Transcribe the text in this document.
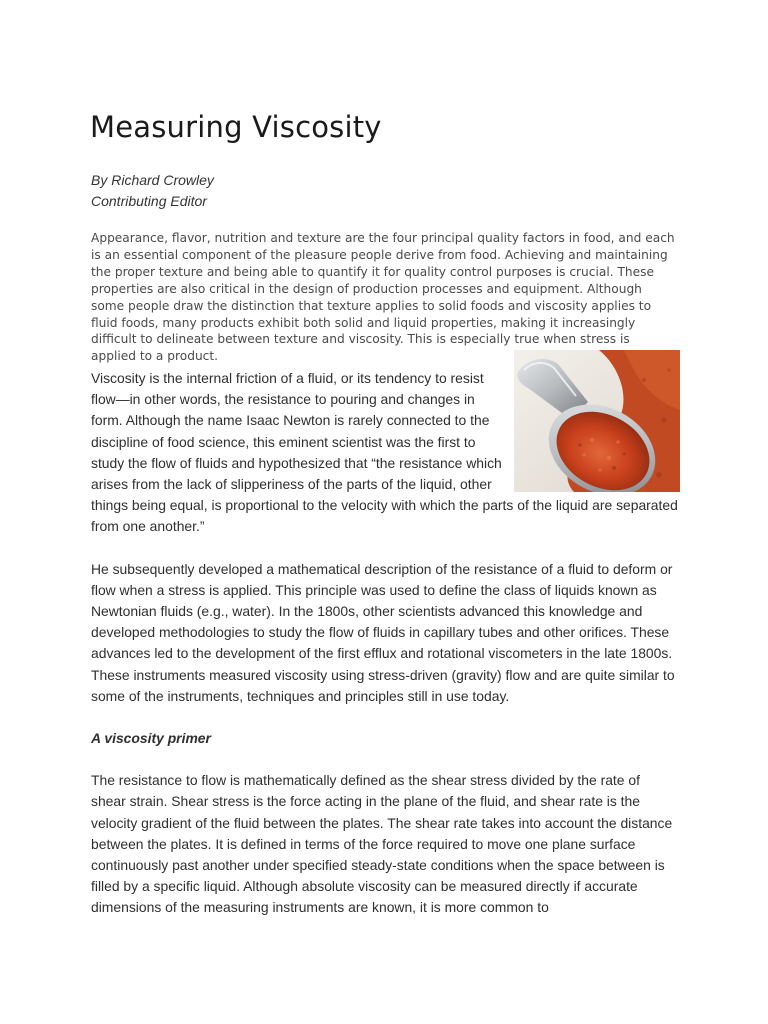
Measuring Viscosity
By Richard Crowley
Contributing Editor

Appearance, flavor, nutrition and texture are the four principal quality factors in food, and each is an essential component of the pleasure people derive from food. Achieving and maintaining the proper texture and being able to quantify it for quality control purposes is crucial. These properties are also critical in the design of production processes and equipment. Although some people draw the distinction that texture applies to solid foods and viscosity applies to fluid foods, many products exhibit both solid and liquid properties, making it increasingly difficult to delineate between texture and viscosity. This is especially true when stress is applied to a product.

Viscosity is the internal friction of a fluid, or its tendency to resist flow—in other words, the resistance to pouring and changes in form. Although the name Isaac Newton is rarely connected to the discipline of food science, this eminent scientist was the first to study the flow of fluids and hypothesized that “the resistance which arises from the lack of slipperiness of the parts of the liquid, other things being equal, is proportional to the velocity with which the parts of the liquid are separated from one another.”

He subsequently developed a mathematical description of the resistance of a fluid to deform or flow when a stress is applied. This principle was used to define the class of liquids known as Newtonian fluids (e.g., water). In the 1800s, other scientists advanced this knowledge and developed methodologies to study the flow of fluids in capillary tubes and other orifices. These advances led to the development of the first efflux and rotational viscometers in the late 1800s. These instruments measured viscosity using stress-driven (gravity) flow and are quite similar to some of the instruments, techniques and principles still in use today.

A viscosity primer

The resistance to flow is mathematically defined as the shear stress divided by the rate of shear strain. Shear stress is the force acting in the plane of the fluid, and shear rate is the velocity gradient of the fluid between the plates. The shear rate takes into account the distance between the plates. It is defined in terms of the force required to move one plane surface continuously past another under specified steady-state conditions when the space between is filled by a specific liquid. Although absolute viscosity can be measured directly if accurate dimensions of the measuring instruments are known, it is more common to
